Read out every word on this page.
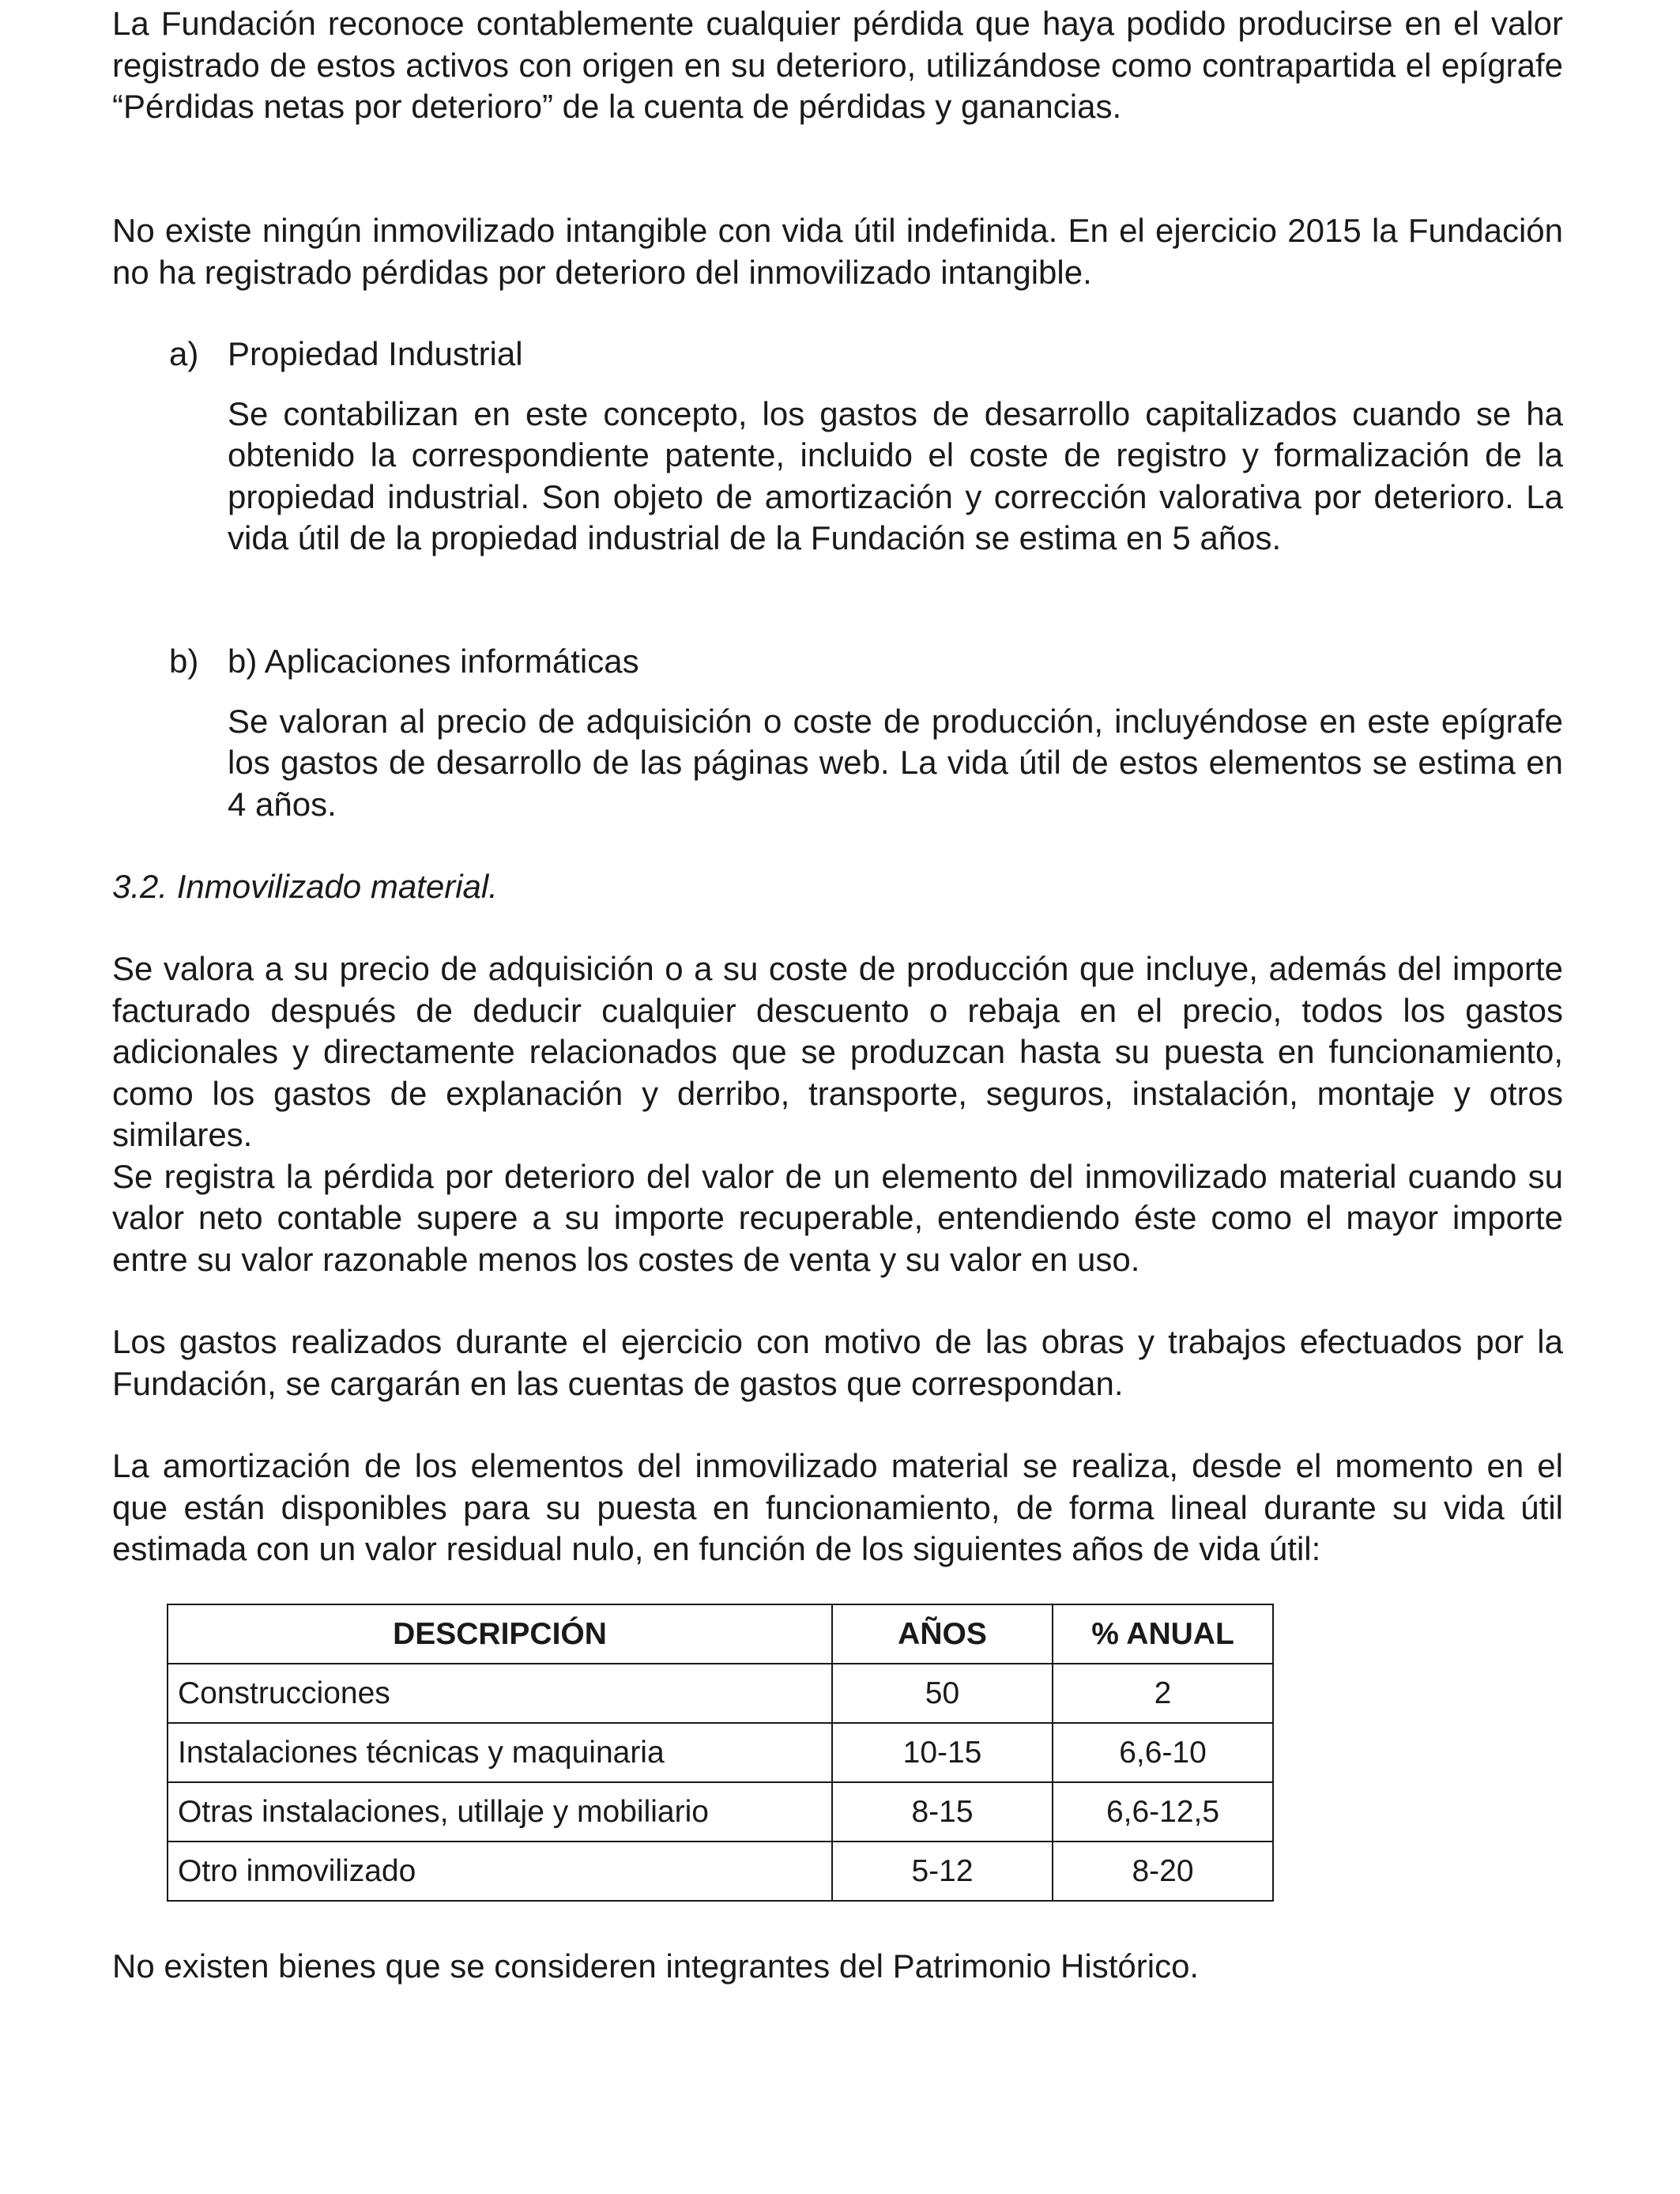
La Fundación reconoce contablemente cualquier pérdida que haya podido producirse en el valor registrado de estos activos con origen en su deterioro, utilizándose como contrapartida el epígrafe “Pérdidas netas por deterioro” de la cuenta de pérdidas y ganancias.

No existe ningún inmovilizado intangible con vida útil indefinida. En el ejercicio 2015 la Fundación no ha registrado pérdidas por deterioro del inmovilizado intangible.

a) Propiedad Industrial

Se contabilizan en este concepto, los gastos de desarrollo capitalizados cuando se ha obtenido la correspondiente patente, incluido el coste de registro y formalización de la propiedad industrial. Son objeto de amortización y corrección valorativa por deterioro. La vida útil de la propiedad industrial de la Fundación se estima en 5 años.

b) b) Aplicaciones informáticas

Se valoran al precio de adquisición o coste de producción, incluyéndose en este epígrafe los gastos de desarrollo de las páginas web. La vida útil de estos elementos se estima en 4 años.

3.2. Inmovilizado material.

Se valora a su precio de adquisición o a su coste de producción que incluye, además del importe facturado después de deducir cualquier descuento o rebaja en el precio, todos los gastos adicionales y directamente relacionados que se produzcan hasta su puesta en funcionamiento, como los gastos de explanación y derribo, transporte, seguros, instalación, montaje y otros similares.

Se registra la pérdida por deterioro del valor de un elemento del inmovilizado material cuando su valor neto contable supere a su importe recuperable, entendiendo éste como el mayor importe entre su valor razonable menos los costes de venta y su valor en uso.

Los gastos realizados durante el ejercicio con motivo de las obras y trabajos efectuados por la Fundación, se cargarán en las cuentas de gastos que correspondan.

La amortización de los elementos del inmovilizado material se realiza, desde el momento en el que están disponibles para su puesta en funcionamiento, de forma lineal durante su vida útil estimada con un valor residual nulo, en función de los siguientes años de vida útil:

No existen bienes que se consideren integrantes del Patrimonio Histórico.

DESCRIPCIÓN	AÑOS	% ANUAL
Construcciones	50	2
Instalaciones técnicas y maquinaria	10-15	6,6-10
Otras instalaciones, utillaje y mobiliario	8-15	6,6-12,5
Otro inmovilizado	5-12	8-20
